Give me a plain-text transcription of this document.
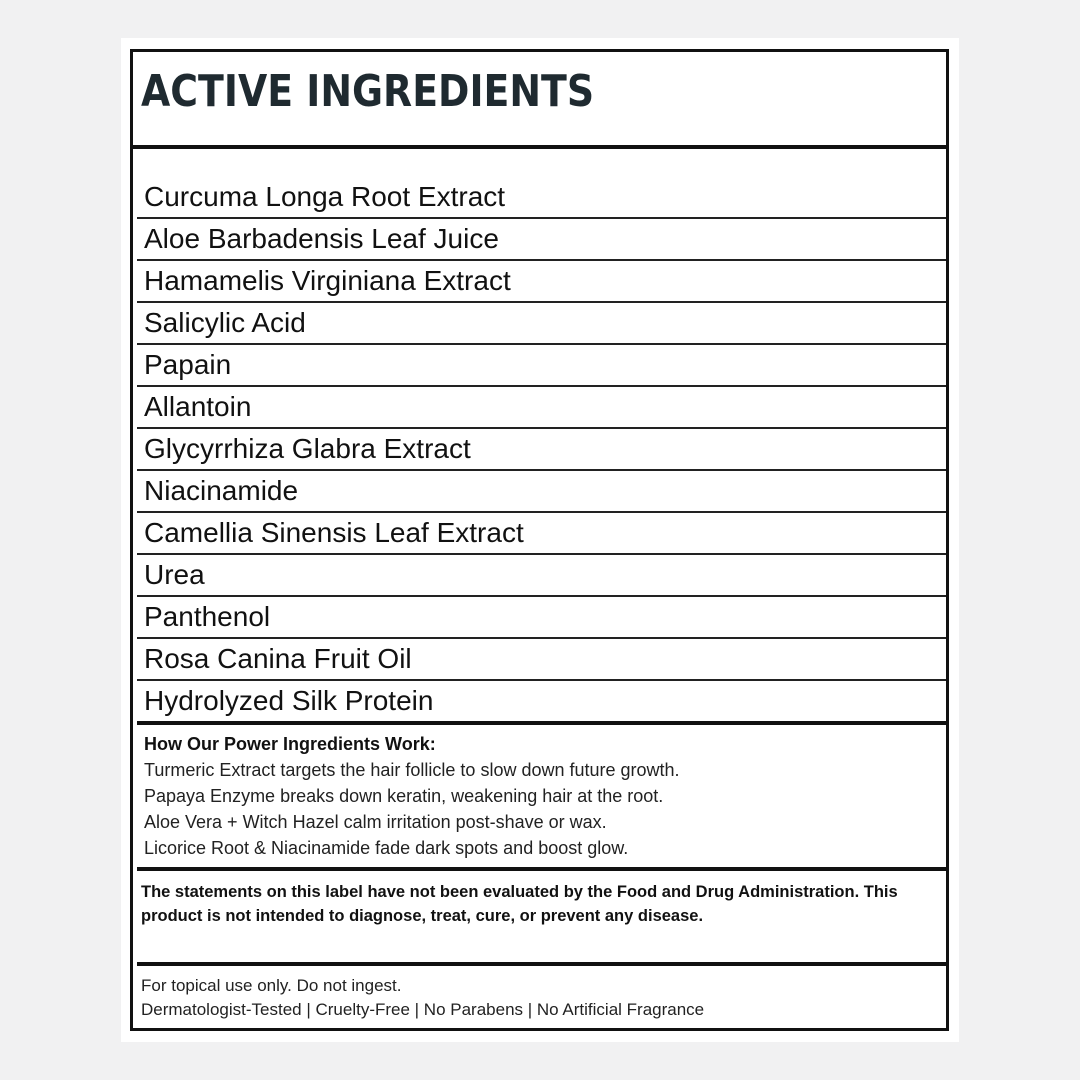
ACTIVE INGREDIENTS
Curcuma Longa Root Extract
Aloe Barbadensis Leaf Juice
Hamamelis Virginiana Extract
Salicylic Acid
Papain
Allantoin
Glycyrrhiza Glabra Extract
Niacinamide
Camellia Sinensis Leaf Extract
Urea
Panthenol
Rosa Canina Fruit Oil
Hydrolyzed Silk Protein
How Our Power Ingredients Work:
Turmeric Extract targets the hair follicle to slow down future growth.
Papaya Enzyme breaks down keratin, weakening hair at the root.
Aloe Vera + Witch Hazel calm irritation post-shave or wax.
Licorice Root & Niacinamide fade dark spots and boost glow.
The statements on this label have not been evaluated by the Food and Drug Administration. This product is not intended to diagnose, treat, cure, or prevent any disease.
For topical use only. Do not ingest.
Dermatologist-Tested | Cruelty-Free | No Parabens | No Artificial Fragrance
